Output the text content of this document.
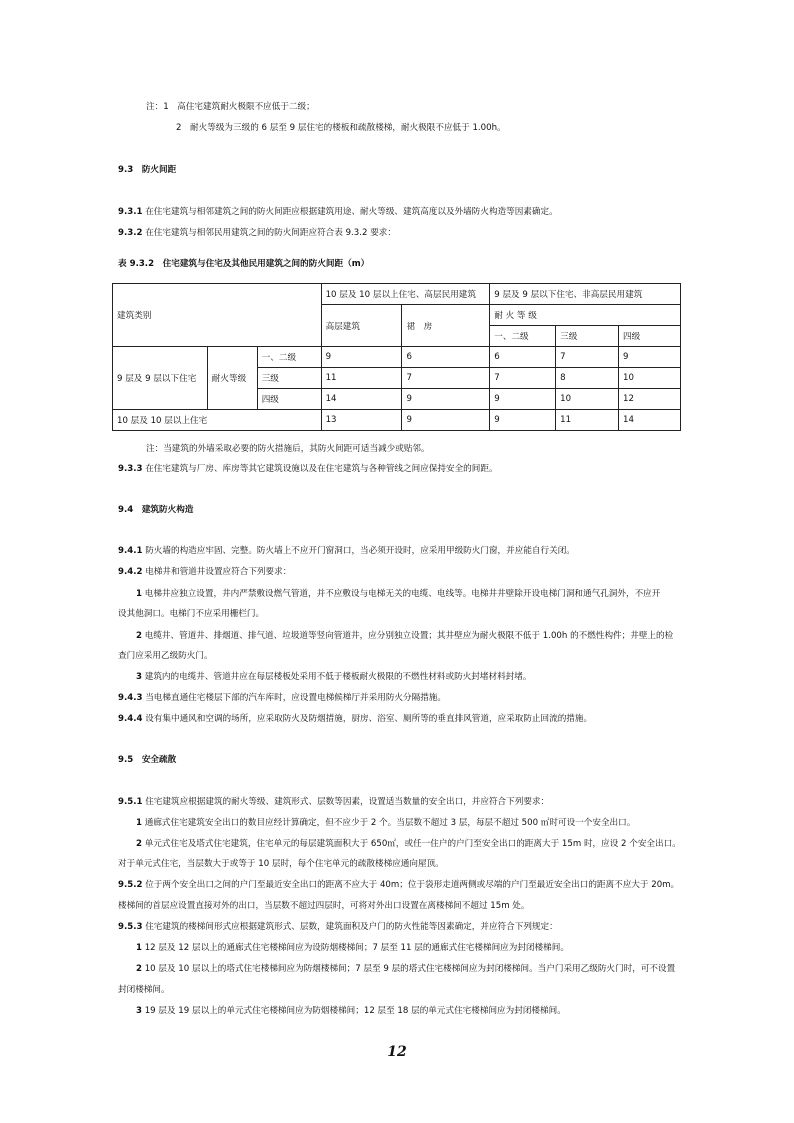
注：1　高住宅建筑耐火极限不应低于二级；
2　耐火等级为三级的 6 层至 9 层住宅的楼板和疏散楼梯，耐火极限不应低于 1.00h。
9.3　防火间距
9.3.1 在住宅建筑与相邻建筑之间的防火间距应根据建筑用途、耐火等级、建筑高度以及外墙防火构造等因素确定。
9.3.2 在住宅建筑与相邻民用建筑之间的防火间距应符合表 9.3.2 要求：
表 9.3.2　住宅建筑与住宅及其他民用建筑之间的防火间距（m）
建筑类别			10 层及 10 层以上住宅、高层民用建筑		9 层及 9 层以下住宅、非高层民用建筑		
			高层建筑	裙　房	耐 火 等 级		
					一、二级	三级	四级
9 层及 9 层以下住宅	耐火等级	一、二级	9	6	6	7	9
		三级	11	7	7	8	10
		四级	14	9	9	10	12
10 层及 10 层以上住宅			13	9	9	11	14
注：当建筑的外墙采取必要的防火措施后，其防火间距可适当减少或贴邻。
9.3.3 在住宅建筑与厂房、库房等其它建筑设施以及在住宅建筑与各种管线之间应保持安全的间距。
9.4　建筑防火构造
9.4.1 防火墙的构造应牢固、完整。防火墙上不应开门窗洞口，当必须开设时，应采用甲级防火门窗，并应能自行关闭。
9.4.2 电梯井和管道井设置应符合下列要求：
1 电梯井应独立设置，井内严禁敷设燃气管道，并不应敷设与电梯无关的电缆、电线等。电梯井井壁除开设电梯门洞和通气孔洞外，不应开
设其他洞口。电梯门不应采用栅栏门。
2 电缆井、管道井、排烟道、排气道、垃圾道等竖向管道井，应分别独立设置；其井壁应为耐火极限不低于 1.00h 的不燃性构件；井壁上的检
查门应采用乙级防火门。
3 建筑内的电缆井、管道井应在每层楼板处采用不低于楼板耐火极限的不燃性材料或防火封堵材料封堵。
9.4.3 当电梯直通住宅楼层下部的汽车库时，应设置电梯候梯厅并采用防火分隔措施。
9.4.4 设有集中通风和空调的场所，应采取防火及防烟措施，厨房、浴室、厕所等的垂直排风管道，应采取防止回流的措施。
9.5　安全疏散
9.5.1 住宅建筑应根据建筑的耐火等级、建筑形式、层数等因素，设置适当数量的安全出口，并应符合下列要求：
1 通廊式住宅建筑安全出口的数目应经计算确定，但不应少于 2 个。当层数不超过 3 层，每层不超过 500 ㎡时可设一个安全出口。
2 单元式住宅及塔式住宅建筑，住宅单元的每层建筑面积大于 650㎡，或任一住户的户门至安全出口的距离大于 15m 时，应设 2 个安全出口。
对于单元式住宅，当层数大于或等于 10 层时，每个住宅单元的疏散楼梯应通向屋顶。
9.5.2 位于两个安全出口之间的户门至最近安全出口的距离不应大于 40m；位于袋形走道两侧或尽端的户门至最近安全出口的距离不应大于 20m。
楼梯间的首层应设置直接对外的出口，当层数不超过四层时，可将对外出口设置在离楼梯间不超过 15m 处。
9.5.3 住宅建筑的楼梯间形式应根据建筑形式、层数，建筑面积及户门的防火性能等因素确定，并应符合下列规定：
1 12 层及 12 层以上的通廊式住宅楼梯间应为设防烟楼梯间；7 层至 11 层的通廊式住宅楼梯间应为封闭楼梯间。
2 10 层及 10 层以上的塔式住宅楼梯间应为防烟楼梯间；7 层至 9 层的塔式住宅楼梯间应为封闭楼梯间。当户门采用乙级防火门时，可不设置
封闭楼梯间。
3 19 层及 19 层以上的单元式住宅楼梯间应为防烟楼梯间；12 层至 18 层的单元式住宅楼梯间应为封闭楼梯间。
12
